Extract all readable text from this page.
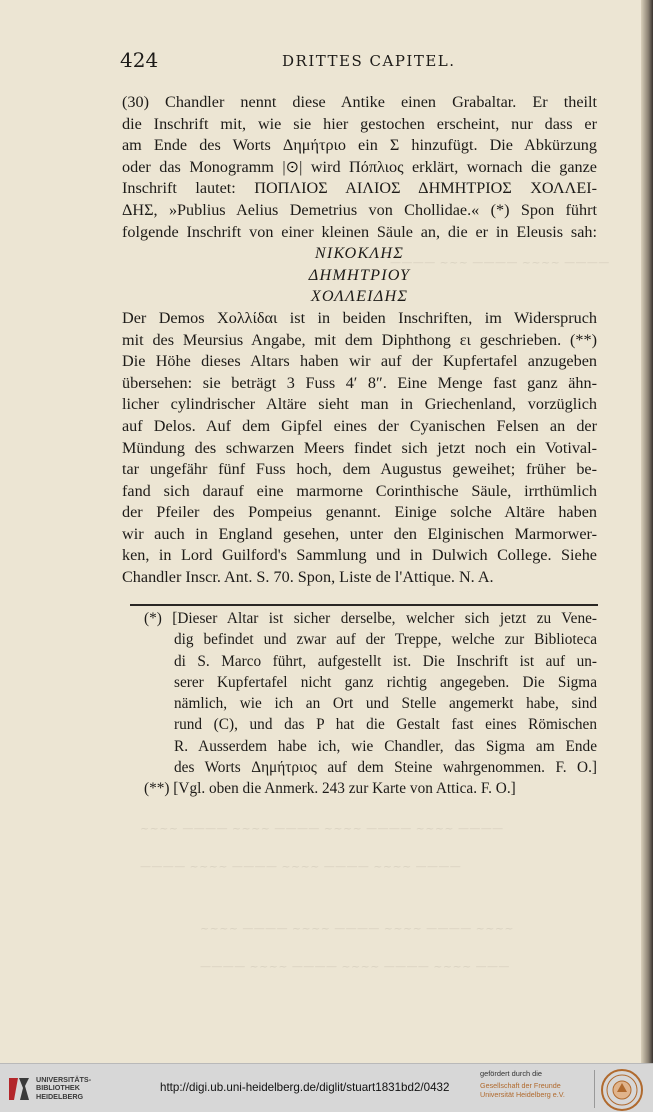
———— ~~~ ———— ~~~~ ————
~~~~ ———— ~~~~ ———— ~~~~ ———— ~~~~ ————
———— ~~~~ ———— ~~~~ ———— ~~~~ ————
~~~~ ———— ~~~~ ———— ~~~~ ———— ~~~~
———— ~~~~ ———— ~~~~ ———— ~~~~ ———
424	DRITTES CAPITEL.
(30) Chandler nennt diese Antike einen Grabaltar. Er theilt
die Inschrift mit, wie sie hier gestochen erscheint, nur dass er
am Ende des Worts Δημήτριο ein Σ hinzufügt. Die Abkürzung
oder das Monogramm |⊙| wird Πόπλιος erklärt, wornach die ganze
Inschrift lautet: ΠΟΠΛΙΟΣ ΑΙΛΙΟΣ ΔΗΜΗΤΡΙΟΣ ΧΟΛΛΕΙ-
ΔΗΣ, »Publius Aelius Demetrius von Chollidae.« (*) Spon führt
folgende Inschrift von einer kleinen Säule an, die er in Eleusis sah:
ΝΙΚΟΚΛΗΣ
ΔΗΜΗΤΡΙΟΥ
ΧΟΛΛΕΙΔΗΣ
Der Demos Χολλίδαι ist in beiden Inschriften, im Widerspruch
mit des Meursius Angabe, mit dem Diphthong ει geschrieben. (**)
Die Höhe dieses Altars haben wir auf der Kupfertafel anzugeben
übersehen: sie beträgt 3 Fuss 4′ 8″. Eine Menge fast ganz ähn-
licher cylindrischer Altäre sieht man in Griechenland, vorzüglich
auf Delos. Auf dem Gipfel eines der Cyanischen Felsen an der
Mündung des schwarzen Meers findet sich jetzt noch ein Votival-
tar ungefähr fünf Fuss hoch, dem Augustus geweihet; früher be-
fand sich darauf eine marmorne Corinthische Säule, irrthümlich
der Pfeiler des Pompeius genannt. Einige solche Altäre haben
wir auch in England gesehen, unter den Elginischen Marmorwer-
ken, in Lord Guilford's Sammlung und in Dulwich College. Siehe
Chandler Inscr. Ant. S. 70. Spon, Liste de l'Attique. N. A.
(*) [Dieser Altar ist sicher derselbe, welcher sich jetzt zu Vene-
dig befindet und zwar auf der Treppe, welche zur Biblioteca
di S. Marco führt, aufgestellt ist. Die Inschrift ist auf un-
serer Kupfertafel nicht ganz richtig angegeben. Die Sigma
nämlich, wie ich an Ort und Stelle angemerkt habe, sind
rund (C), und das P hat die Gestalt fast eines Römischen
R. Ausserdem habe ich, wie Chandler, das Sigma am Ende
des Worts Δημήτριος auf dem Steine wahrgenommen. F. O.]
(**) [Vgl. oben die Anmerk. 243 zur Karte von Attica. F. O.]
UNIVERSITÄTS-
BIBLIOTHEK
HEIDELBERG
http://digi.ub.uni-heidelberg.de/diglit/stuart1831bd2/0432
gefördert durch die
Gesellschaft der Freunde
Universität Heidelberg e.V.
